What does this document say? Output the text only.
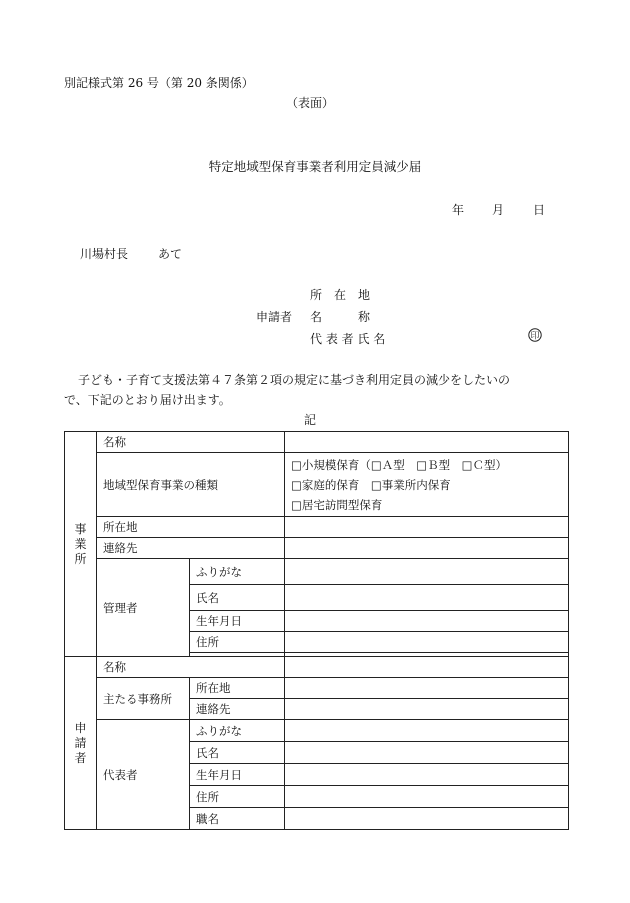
別記様式第 26 号（第 20 条関係）
（表面）
特定地域型保育事業者利用定員減少届
年 月 日
川場村長 あて
所　在　地
申請者 名　　　称
代 表 者 氏 名	印
子ども・子育て支援法第４７条第２項の規定に基づき利用定員の減少をしたいの
で、下記のとおり届け出ます。
記
事業所	名称		
	地域型保育事業の種類	
□ 小規模保育（ □ Ａ型　 □ Ｂ型　 □ Ｃ型）
□ 家庭的保育　 □ 事業所内保育
□ 居宅訪問型保育

	所在地		
	連絡先		
	管理者	ふりがな	
		氏名	
		生年月日	
		住所	

申請者	名称		
	主たる事務所	所在地	
		連絡先	
	代表者	ふりがな	
		氏名	
		生年月日	
		住所	
		職名	
